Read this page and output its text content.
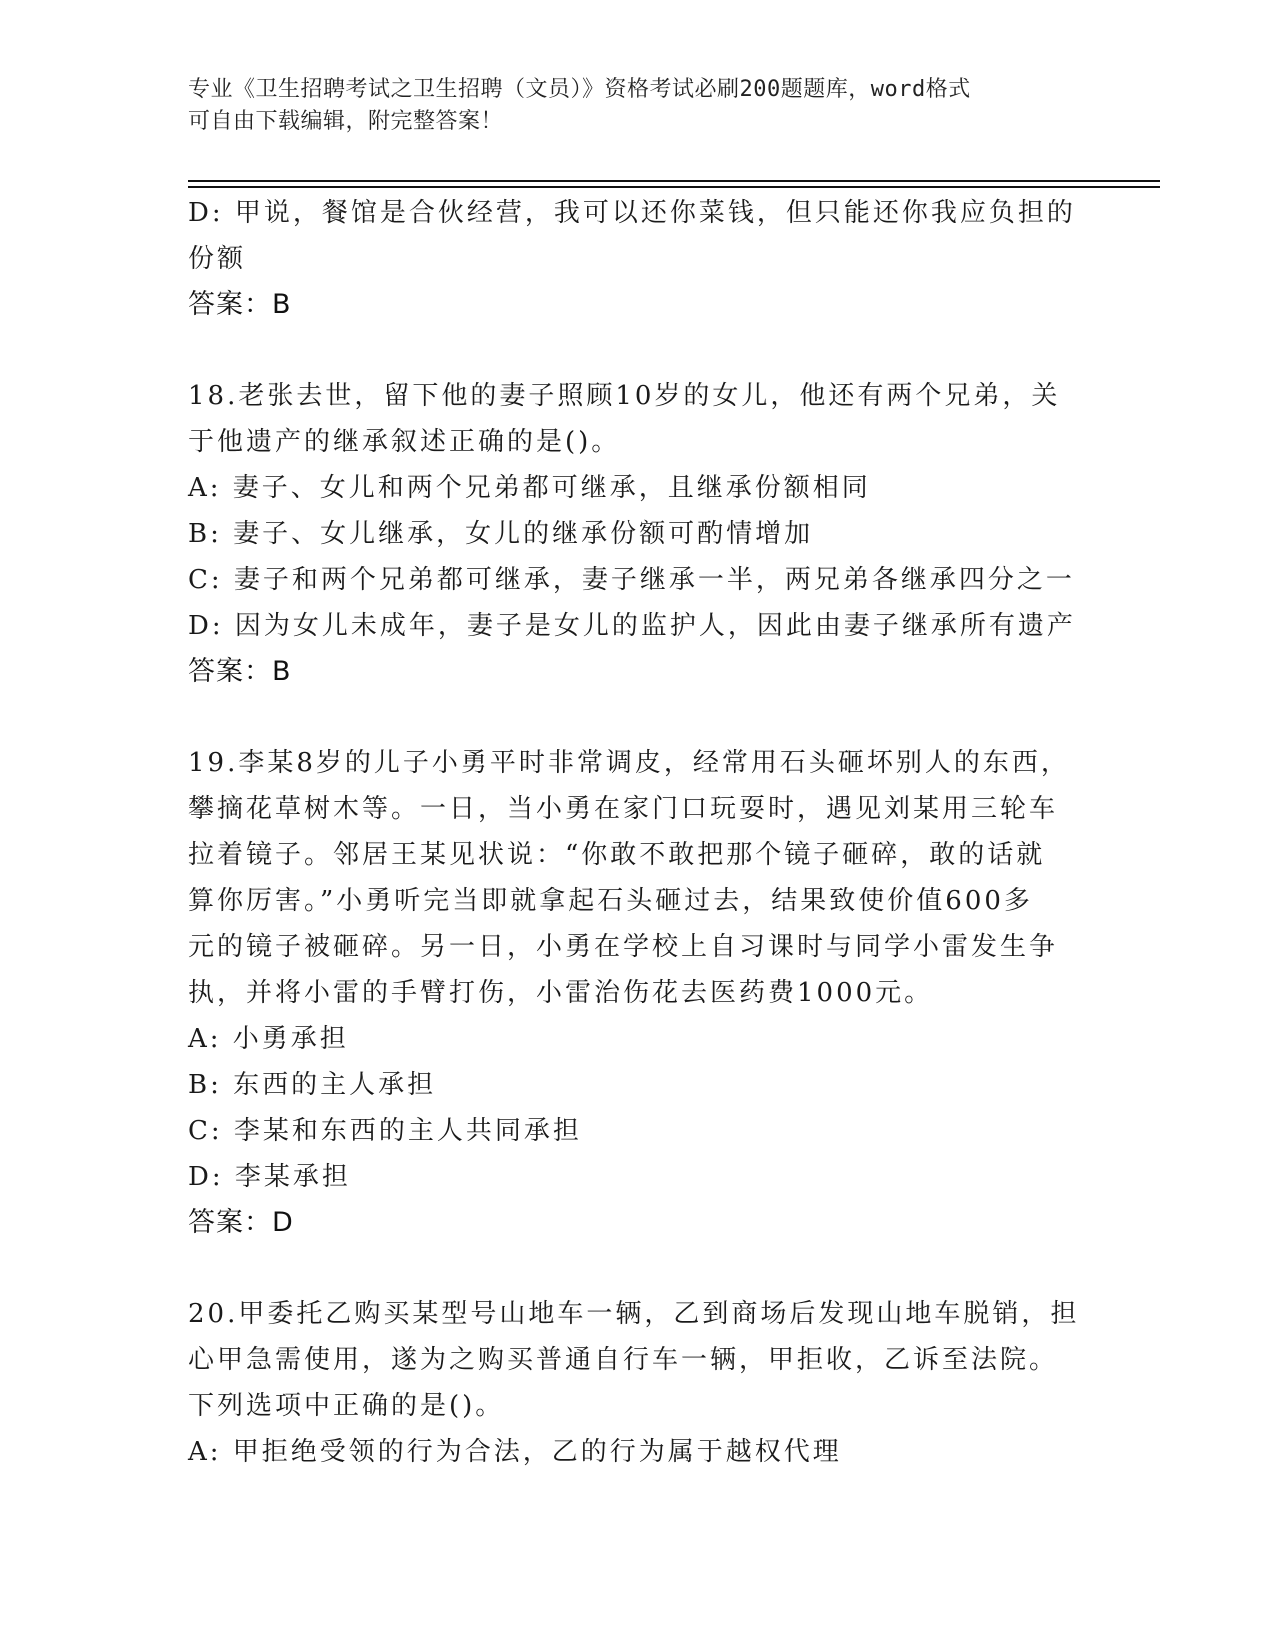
专业《卫生招聘考试之卫生招聘（文员）》资格考试必刷200题题库，word格式
可自由下载编辑，附完整答案！
D: 甲说，餐馆是合伙经营，我可以还你菜钱，但只能还你我应负担的
份额
答案：B
18.老张去世，留下他的妻子照顾10岁的女儿，他还有两个兄弟，关
于他遗产的继承叙述正确的是()。
A: 妻子、女儿和两个兄弟都可继承，且继承份额相同
B: 妻子、女儿继承，女儿的继承份额可酌情增加
C: 妻子和两个兄弟都可继承，妻子继承一半，两兄弟各继承四分之一
D: 因为女儿未成年，妻子是女儿的监护人，因此由妻子继承所有遗产
答案：B
19.李某8岁的儿子小勇平时非常调皮，经常用石头砸坏别人的东西，
攀摘花草树木等。一日，当小勇在家门口玩耍时，遇见刘某用三轮车
拉着镜子。邻居王某见状说：“你敢不敢把那个镜子砸碎，敢的话就
算你厉害。”小勇听完当即就拿起石头砸过去，结果致使价值600多
元的镜子被砸碎。另一日，小勇在学校上自习课时与同学小雷发生争
执，并将小雷的手臂打伤，小雷治伤花去医药费1000元。
A: 小勇承担
B: 东西的主人承担
C: 李某和东西的主人共同承担
D: 李某承担
答案：D
20.甲委托乙购买某型号山地车一辆，乙到商场后发现山地车脱销，担
心甲急需使用，遂为之购买普通自行车一辆，甲拒收，乙诉至法院。
下列选项中正确的是()。
A: 甲拒绝受领的行为合法，乙的行为属于越权代理
